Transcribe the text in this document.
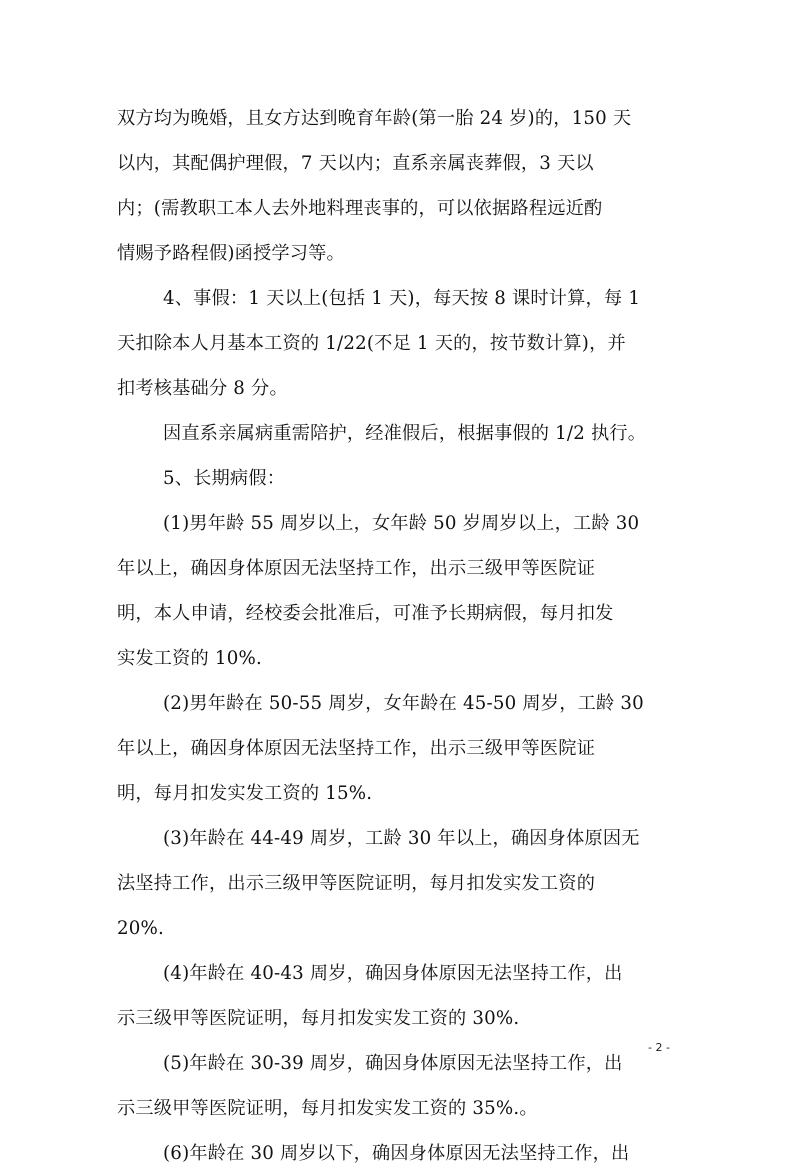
双方均为晚婚，且女方达到晚育年龄(第一胎 24 岁)的，150 天
以内，其配偶护理假，7 天以内；直系亲属丧葬假，3 天以
内；(需教职工本人去外地料理丧事的，可以依据路程远近酌
情赐予路程假)函授学习等。
4、事假：1 天以上(包括 1 天)，每天按 8 课时计算，每 1
天扣除本人月基本工资的 1/22(不足 1 天的，按节数计算)，并
扣考核基础分 8 分。
因直系亲属病重需陪护，经准假后，根据事假的 1/2 执行。
5、长期病假：
(1)男年龄 55 周岁以上，女年龄 50 岁周岁以上，工龄 30
年以上，确因身体原因无法坚持工作，出示三级甲等医院证
明，本人申请，经校委会批准后，可准予长期病假，每月扣发
实发工资的 10%.
(2)男年龄在 50-55 周岁，女年龄在 45-50 周岁，工龄 30
年以上，确因身体原因无法坚持工作，出示三级甲等医院证
明，每月扣发实发工资的 15%.
(3)年龄在 44-49 周岁，工龄 30 年以上，确因身体原因无
法坚持工作，出示三级甲等医院证明，每月扣发实发工资的
20%.
(4)年龄在 40-43 周岁，确因身体原因无法坚持工作，出
示三级甲等医院证明，每月扣发实发工资的 30%.
(5)年龄在 30-39 周岁，确因身体原因无法坚持工作，出
示三级甲等医院证明，每月扣发实发工资的 35%.。
(6)年龄在 30 周岁以下，确因身体原因无法坚持工作，出
- 2 -
